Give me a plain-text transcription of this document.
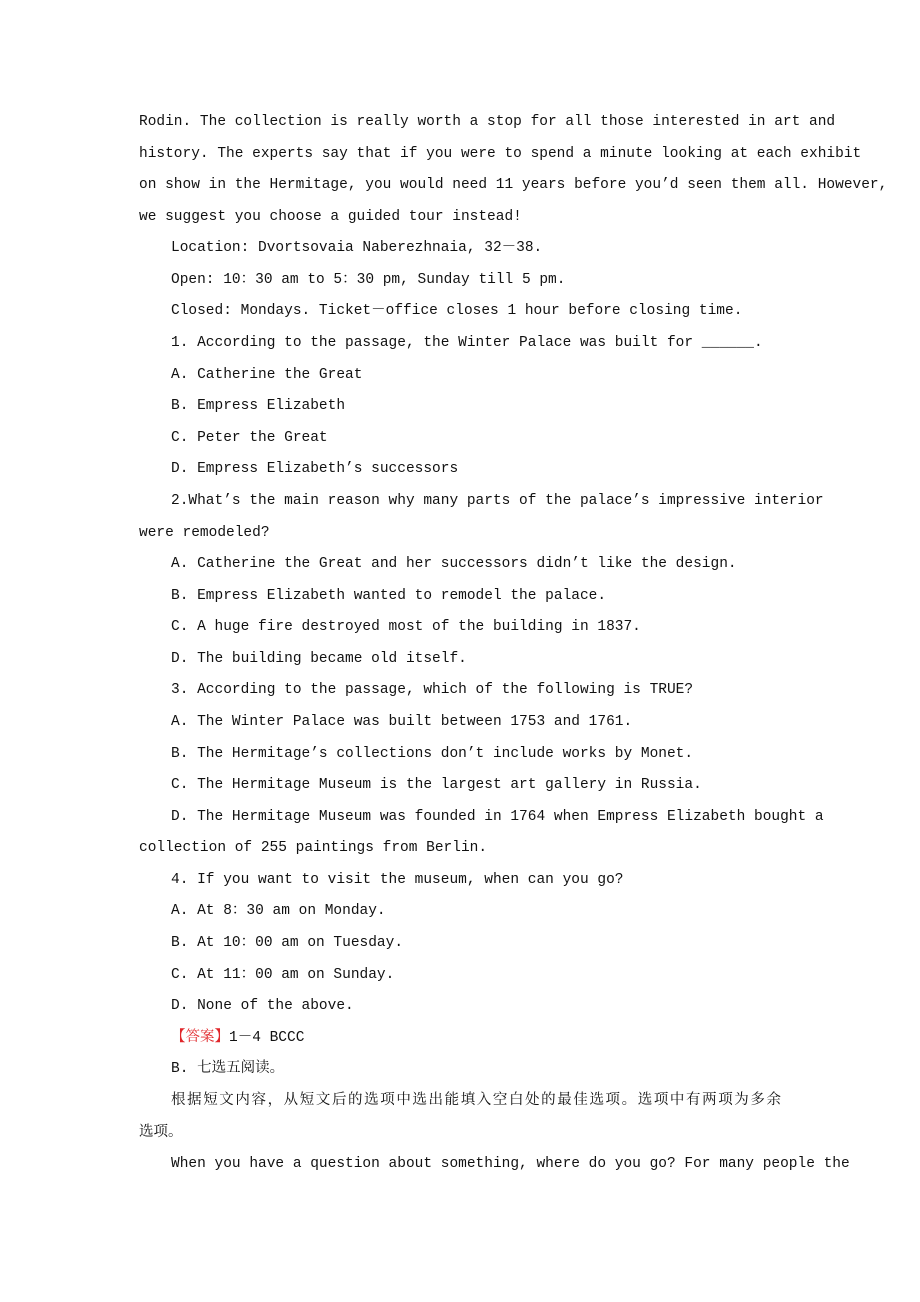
Rodin. The collection is really worth a stop for all those interested in art and
history. The experts say that if you were to spend a minute looking at each exhibit
on show in the Hermitage, you would need 11 years before you’d seen them all. However,
we suggest you choose a guided tour instead!
Location: Dvortsovaia Naberezhnaia, 32－38.
Open: 10：30 am to 5：30 pm, Sunday till 5 pm.
Closed: Mondays. Ticket－office closes 1 hour before closing time.
1. According to the passage, the Winter Palace was built for ______.
A. Catherine the Great
B. Empress Elizabeth
C. Peter the Great
D. Empress Elizabeth’s successors
2.What’s the main reason why many parts of the palace’s impressive interior
were remodeled?
A. Catherine the Great and her successors didn’t like the design.
B. Empress Elizabeth wanted to remodel the palace.
C. A huge fire destroyed most of the building in 1837.
D. The building became old itself.
3. According to the passage, which of the following is TRUE?
A. The Winter Palace was built between 1753 and 1761.
B. The Hermitage’s collections don’t include works by Monet.
C. The Hermitage Museum is the largest art gallery in Russia.
D. The Hermitage Museum was founded in 1764 when Empress Elizabeth bought a
collection of 255 paintings from Berlin.
4. If you want to visit the museum, when can you go?
A. At 8：30 am on Monday.
B. At 10：00 am on Tuesday.
C. At 11：00 am on Sunday.
D. None of the above.
【答案】1－4 BCCC
B. 七选五阅读。
根据短文内容，从短文后的选项中选出能填入空白处的最佳选项。选项中有两项为多余
选项。
When you have a question about something, where do you go? For many people the
